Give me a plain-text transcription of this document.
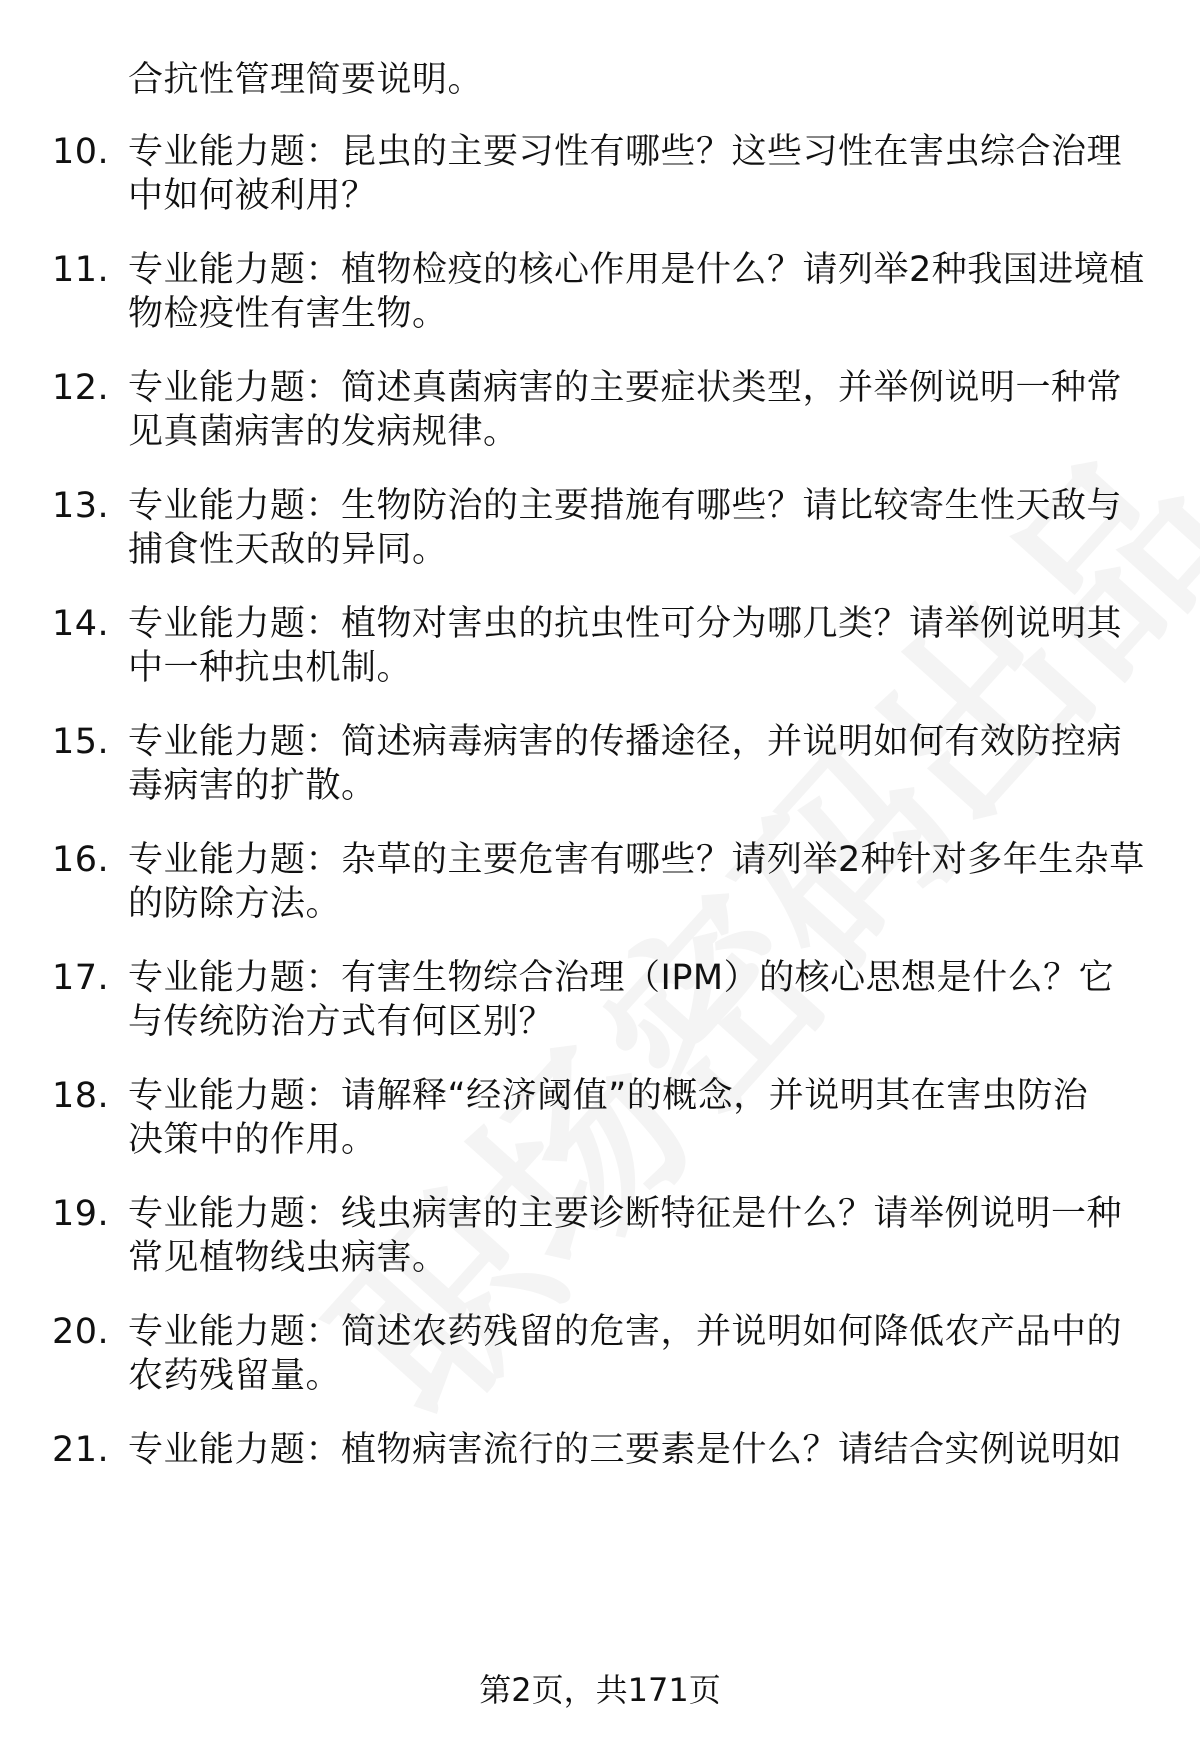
合抗性管理简要说明。
10. 专业能力题：昆虫的主要习性有哪些？这些习性在害虫综合治理
中如何被利用？
11. 专业能力题：植物检疫的核心作用是什么？请列举2种我国进境植
物检疫性有害生物。
12. 专业能力题：简述真菌病害的主要症状类型，并举例说明一种常
见真菌病害的发病规律。
13. 专业能力题：生物防治的主要措施有哪些？请比较寄生性天敌与
捕食性天敌的异同。
14. 专业能力题：植物对害虫的抗虫性可分为哪几类？请举例说明其
中一种抗虫机制。
15. 专业能力题：简述病毒病害的传播途径，并说明如何有效防控病
毒病害的扩散。
16. 专业能力题：杂草的主要危害有哪些？请列举2种针对多年生杂草
的防除方法。
17. 专业能力题：有害生物综合治理（IPM）的核心思想是什么？它
与传统防治方式有何区别？
18. 专业能力题：请解释“经济阈值”的概念，并说明其在害虫防治
决策中的作用。
19. 专业能力题：线虫病害的主要诊断特征是什么？请举例说明一种
常见植物线虫病害。
20. 专业能力题：简述农药残留的危害，并说明如何降低农产品中的
农药残留量。
21. 专业能力题：植物病害流行的三要素是什么？请结合实例说明如
第2页，共171页
